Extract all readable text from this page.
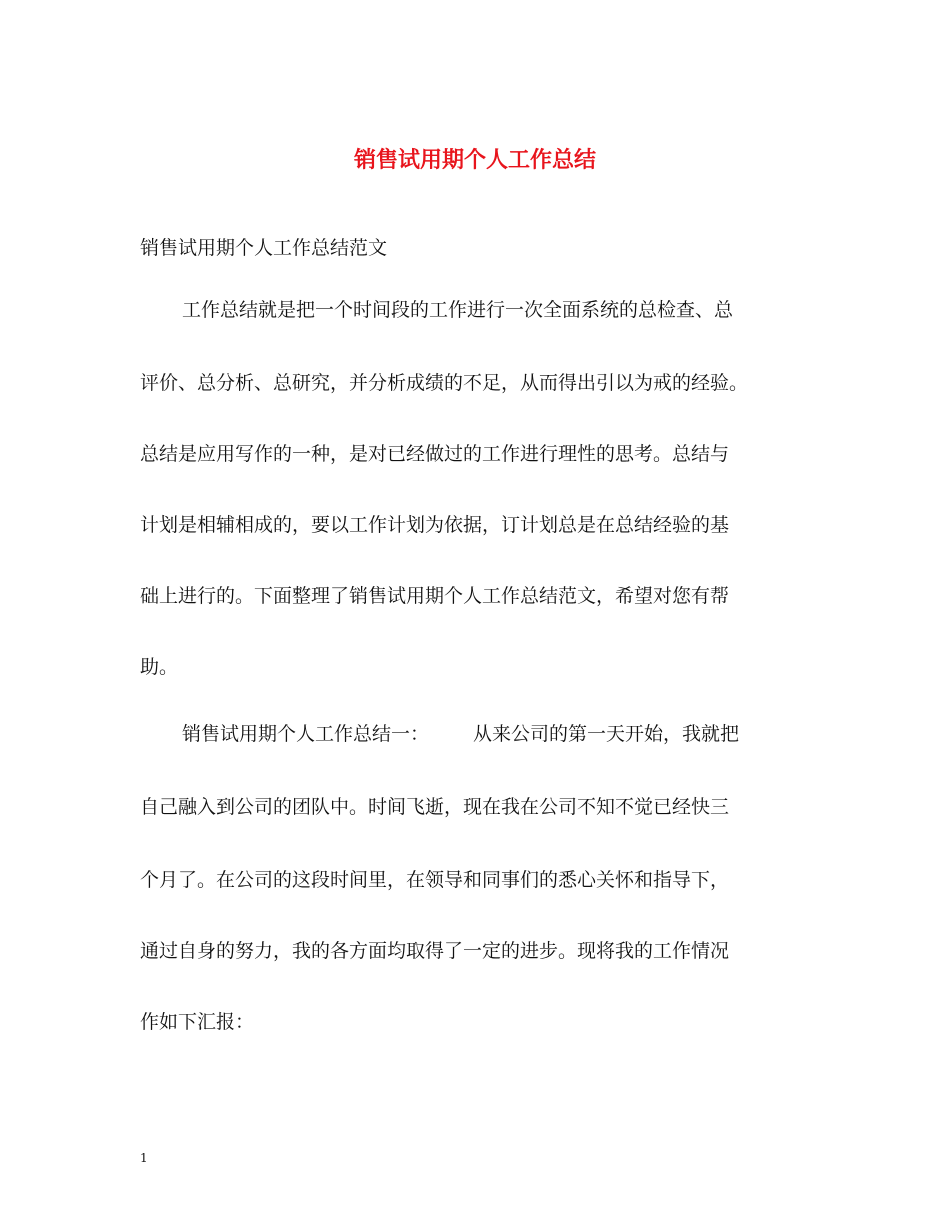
销售试用期个人工作总结
销售试用期个人工作总结范文
工作总结就是把一个时间段的工作进行一次全面系统的总检查、总
评价、总分析、总研究，并分析成绩的不足，从而得出引以为戒的经验。
总结是应用写作的一种，是对已经做过的工作进行理性的思考。总结与
计划是相辅相成的，要以工作计划为依据，订计划总是在总结经验的基
础上进行的。下面整理了销售试用期个人工作总结范文，希望对您有帮
助。
销售试用期个人工作总结一： 从来公司的第一天开始，我就把
自己融入到公司的团队中。时间飞逝，现在我在公司不知不觉已经快三
个月了。在公司的这段时间里，在领导和同事们的悉心关怀和指导下，
通过自身的努力，我的各方面均取得了一定的进步。现将我的工作情况
作如下汇报：
1
